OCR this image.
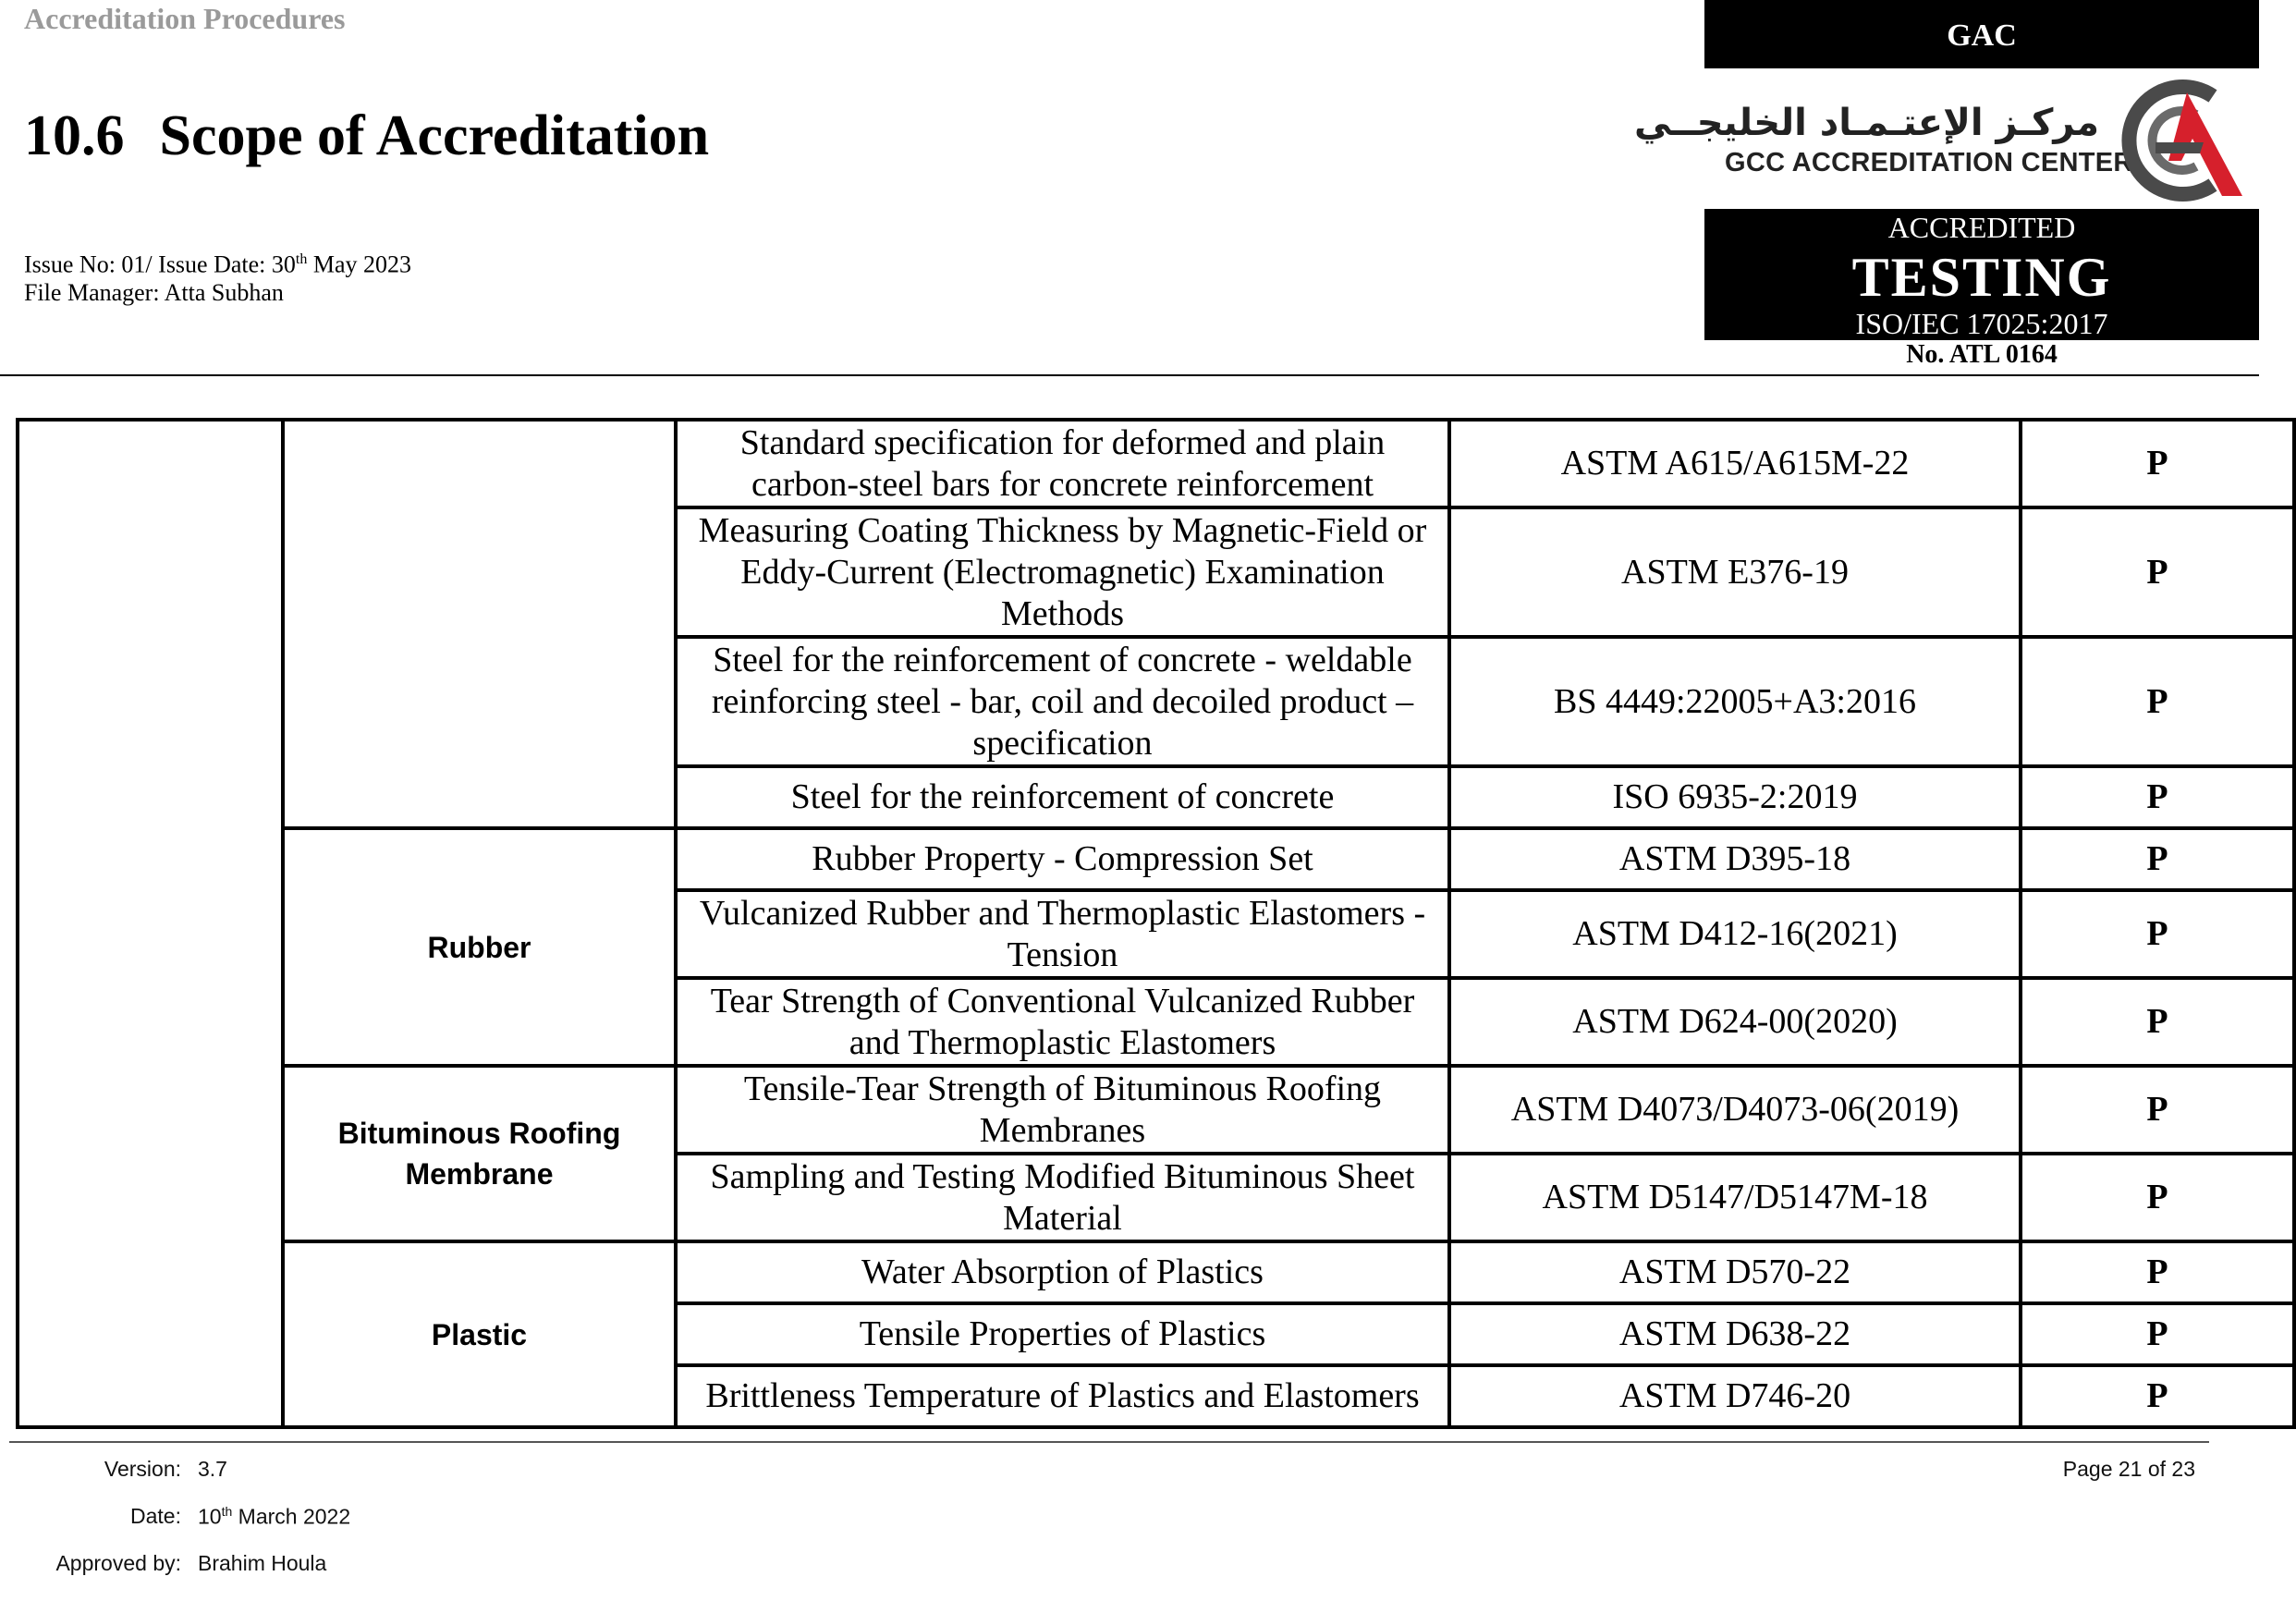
Accreditation Procedures
10.6 Scope of Accreditation
Issue No: 01/ Issue Date: 30th May 2023
File Manager: Atta Subhan
GAC
مركـز الإعتـمـاد الخليجــي
GCC ACCREDITATION CENTER
ACCREDITED
TESTING
ISO/IEC 17025:2017
No. ATL 0164
		Standard specification for deformed and plain carbon-steel bars for concrete reinforcement	ASTM A615/A615M-22	P
		Measuring Coating Thickness by Magnetic-Field or Eddy-Current (Electromagnetic) Examination Methods	ASTM E376-19	P
		Steel for the reinforcement of concrete - weldable reinforcing steel - bar, coil and decoiled product – specification	BS 4449:22005+A3:2016	P
		Steel for the reinforcement of concrete	ISO 6935-2:2019	P
	Rubber	Rubber Property - Compression Set	ASTM D395-18	P
		Vulcanized Rubber and Thermoplastic Elastomers - Tension	ASTM D412-16(2021)	P
		Tear Strength of Conventional Vulcanized Rubber and Thermoplastic Elastomers	ASTM D624-00(2020)	P
	Bituminous Roofing Membrane	Tensile-Tear Strength of Bituminous Roofing Membranes	ASTM D4073/D4073-06(2019)	P
		Sampling and Testing Modified Bituminous Sheet Material	ASTM D5147/D5147M-18	P
	Plastic	Water Absorption of Plastics	ASTM D570-22	P
		Tensile Properties of Plastics	ASTM D638-22	P
		Brittleness Temperature of Plastics and Elastomers	ASTM D746-20	P
Version: 3.7
Date: 10th March 2022
Approved by: Brahim Houla
Page 21 of 23
